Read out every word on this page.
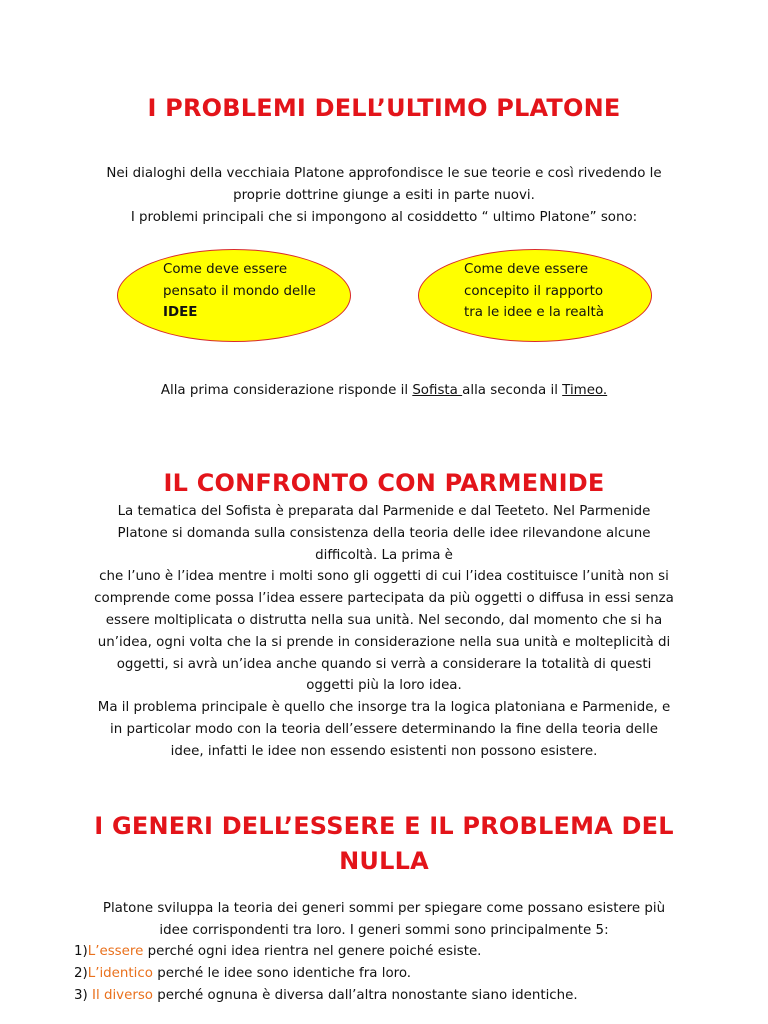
I PROBLEMI DELL’ULTIMO PLATONE
Nei dialoghi della vecchiaia Platone approfondisce le sue teorie e così rivedendo le
proprie dottrine giunge a esiti in parte nuovi.
I problemi principali che si impongono al cosiddetto “ ultimo Platone” sono:
Come deve essere
pensato il mondo delle
IDEE
Come deve essere
concepito il rapporto
tra le idee e la realtà
Alla prima considerazione risponde il Sofista alla seconda il Timeo.
IL CONFRONTO CON PARMENIDE
La tematica del Sofista è preparata dal Parmenide e dal Teeteto. Nel Parmenide
Platone si domanda sulla consistenza della teoria delle idee rilevandone alcune
difficoltà. La prima è
che l’uno è l’idea mentre i molti sono gli oggetti di cui l’idea costituisce l’unità non si
comprende come possa l’idea essere partecipata da più oggetti o diffusa in essi senza
essere moltiplicata o distrutta nella sua unità. Nel secondo, dal momento che si ha
un’idea, ogni volta che la si prende in considerazione nella sua unità e molteplicità di
oggetti, si avrà un’idea anche quando si verrà a considerare la totalità di questi
oggetti più la loro idea.
Ma il problema principale è quello che insorge tra la logica platoniana e Parmenide, e
in particolar modo con la teoria dell’essere determinando la fine della teoria delle
idee, infatti le idee non essendo esistenti non possono esistere.
I GENERI DELL’ESSERE E IL PROBLEMA DEL
NULLA
Platone sviluppa la teoria dei generi sommi per spiegare come possano esistere più
idee corrispondenti tra loro. I generi sommi sono principalmente 5:
1)L’essere perché ogni idea rientra nel genere poiché esiste.
2)L’identico perché le idee sono identiche fra loro.
3) Il diverso perché ognuna è diversa dall’altra nonostante siano identiche.
